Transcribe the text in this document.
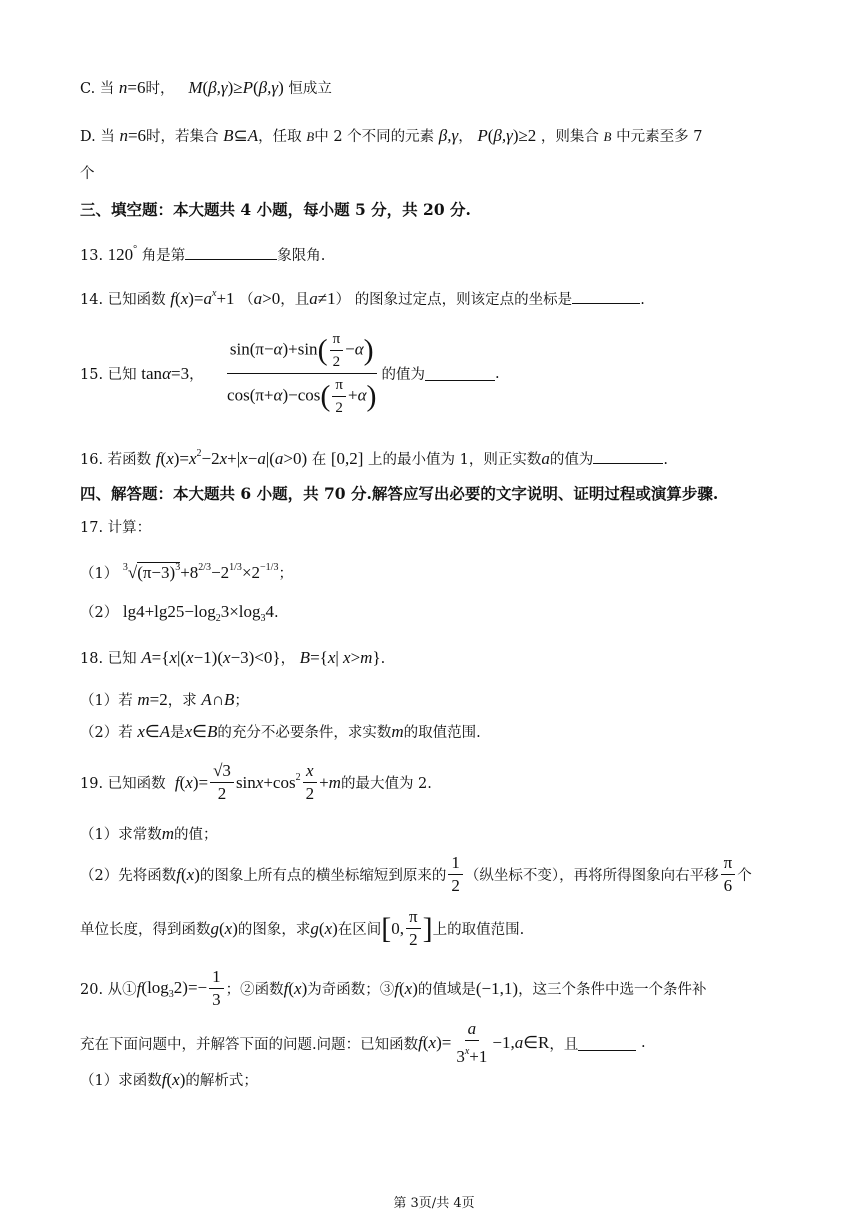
C. 当 n=6时， M(β,γ)≥P(β,γ) 恒成立
D. 当 n=6时，若集合 B⊆A，任取 B中 2 个不同的元素 β,γ， P(β,γ)≥2 ，则集合 B 中元素至多 7
个
三、填空题：本大题共 4 小题，每小题 5 分，共 20 分.
13. 120° 角是第	象限角.
14. 已知函数 $f(x)=a^x+1$ （a>0，且a≠1） 的图象过定点，则该定点的坐标是	.
15. 已知
tan α =3 ，
$\frac{\sin(\pi-\alpha)+\sin( \frac{\pi}{2} -\alpha)}{\cos(\pi+\alpha)-\cos( \frac{\pi}{2} +\alpha)}$ 的值为	.
16. 若函数 $f(x)=x^2-2x+|x-a|(a>0)$ 在 [0,2] 上的最小值为 1，则正实数a的值为	.
四、解答题：本大题共 6 小题，共 70 分.解答应写出必要的文字说明、证明过程或演算步骤.
17. 计算：
（1） $^3√(\pi-3)^3+8^{2/3}-2^{1/3}\times 2^{-1/3}$；
（2） $\lg 4+\lg 25-\log_23\times\log_34$.
18. 已知 A={x|(x−1)(x−3)<0}， B={x| x>m}.
（1）若 m=2，求 A∩B；
（2）若 x∈A是x∈B的充分不必要条件，求实数m的取值范围.
19. 已知函数
f ( x )= $\frac{√3}{2}$ $\sin x +\cos^2 \frac{x}{2} + m$ 的最大值为 2.
（1）求常数m的值；
（2）先将函数 f ( x ) 的图象上所有点的横坐标缩短到原来的 $\frac{1}{2}$ （纵坐标不变），再将所得图象向右平移 $\frac{\pi}{6}$ 个
单位长度，得到函数 g ( x ) 的图象，求 g ( x ) 在区间 [ 0, $\frac{\pi}{2}$ ] 上的取值范围.
20. 从① f $(\log_32)=- \frac{1}{3}$ ；②函数 f ( x ) 为奇函数；③ f ( x ) 的值域是 (−1,1) ，这三个条件中选一个条件补
充在下面问题中，并解答下面的问题.问题：已知函数 f ( x )= $\frac{a}{3^x+1} -1$, a ∈R ，且
	.
（1）求函数f(x)的解析式；
第 3页/共 4页
